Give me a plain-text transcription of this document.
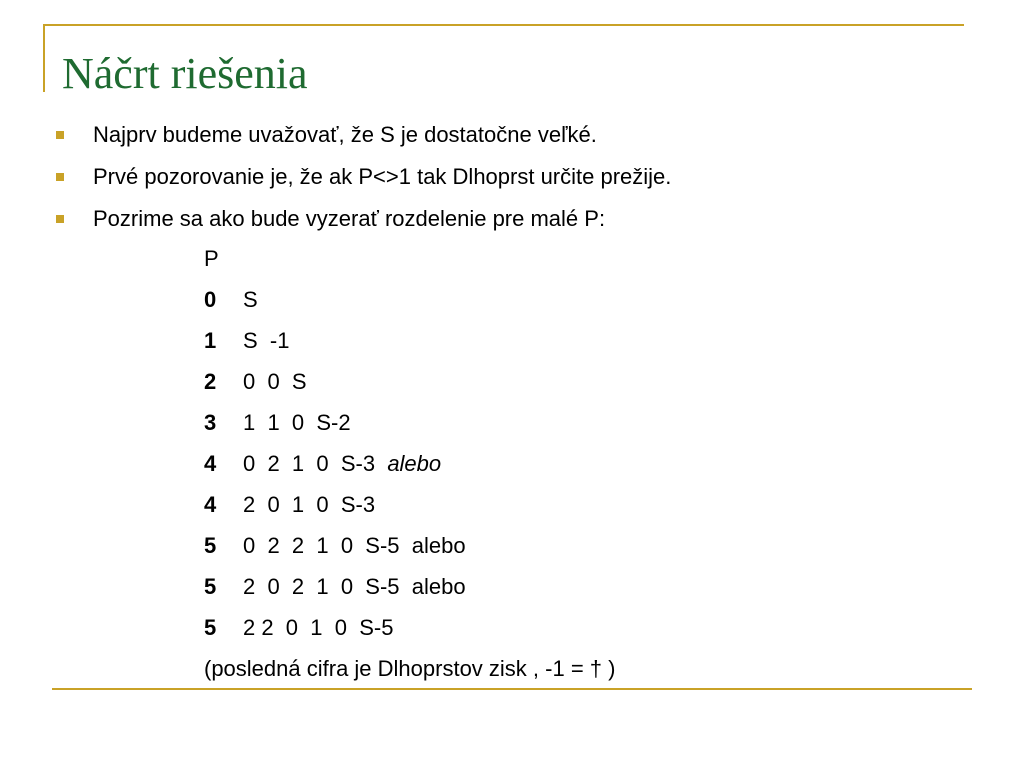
Náčrt riešenia
Najprv budeme uvažovať, že S je dostatočne veľké.
Prvé pozorovanie je, že ak P<>1 tak Dlhoprst určite prežije.
Pozrime sa ako bude vyzerať rozdelenie pre malé P:
P
0 S
1 S  -1
2 0  0  S
3 1  1  0  S-2
4 0  2  1  0  S-3  alebo
4 2  0  1  0  S-3
5 0  2  2  1  0  S-5  alebo
5 2  0  2  1  0  S-5  alebo
5 2 2  0  1  0  S-5

(posledná cifra je Dlhoprstov zisk , -1 = † )
